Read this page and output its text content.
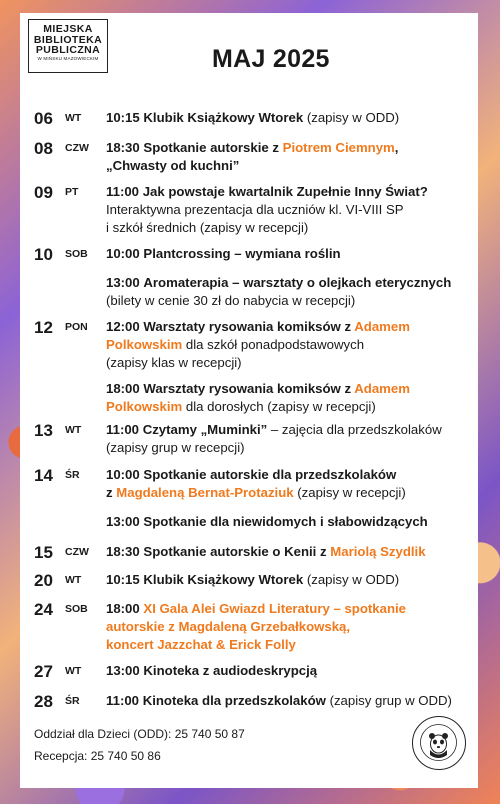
MIEJSKA
BIBLIOTEKA
PUBLICZNA
W MIŃSKU MAZOWIECKIM	MAJ 2025
06 WT 10:15 Klubik Książkowy Wtorek (zapisy w ODD)
08 CZW 18:30 Spotkanie autorskie z Piotrem Ciemnym,
„Chwasty od kuchni”
09 PT 11:00 Jak powstaje kwartalnik Zupełnie Inny Świat?
Interaktywna prezentacja dla uczniów kl. VI-VIII SP
i szkół średnich (zapisy w recepcji)
10 SOB 10:00 Plantcrossing – wymiana roślin
13:00 Aromaterapia – warsztaty o olejkach eterycznych
(bilety w cenie 30 zł do nabycia w recepcji)
12 PON 12:00 Warsztaty rysowania komiksów z Adamem
Polkowskim dla szkół ponadpodstawowych
(zapisy klas w recepcji)
18:00 Warsztaty rysowania komiksów z Adamem
Polkowskim dla dorosłych (zapisy w recepcji)
13 WT 11:00 Czytamy „Muminki” – zajęcia dla przedszkolaków
(zapisy grup w recepcji)
14 ŚR 10:00 Spotkanie autorskie dla przedszkolaków
z Magdaleną Bernat-Protaziuk (zapisy w recepcji)
13:00 Spotkanie dla niewidomych i słabowidzących
15 CZW 18:30 Spotkanie autorskie o Kenii z Mariolą Szydlik
20 WT 10:15 Klubik Książkowy Wtorek (zapisy w ODD)
24 SOB 18:00 XI Gala Alei Gwiazd Literatury – spotkanie
autorskie z Magdaleną Grzebałkowską,
koncert Jazzchat & Erick Folly
27 WT 13:00 Kinoteka z audiodeskrypcją
28 ŚR 11:00 Kinoteka dla przedszkolaków (zapisy grup w ODD)
Oddział dla Dzieci (ODD): 25 740 50 87
Recepcja: 25 740 50 86
